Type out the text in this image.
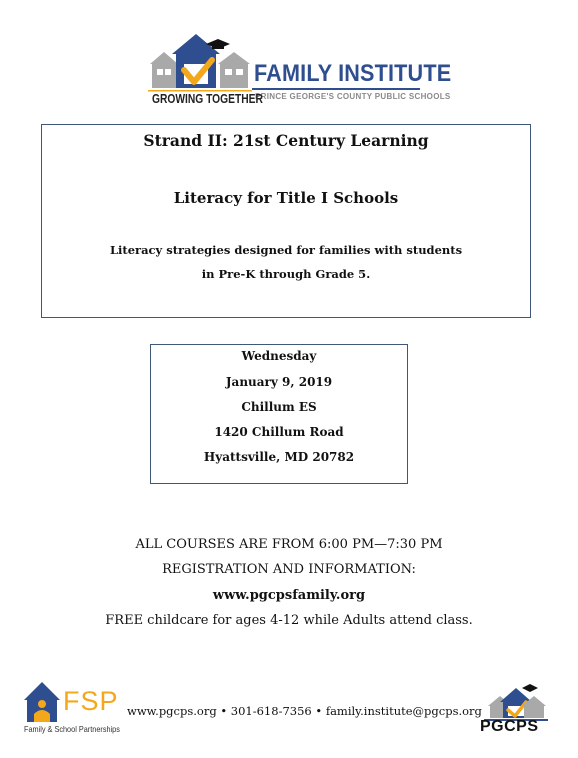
FAMILY INSTITUTE
PRINCE GEORGE'S COUNTY PUBLIC SCHOOLS
GROWING TOGETHER
Strand II: 21st Century Learning
Literacy for Title I Schools
Literacy strategies designed for families with students
in Pre-K through Grade 5.
Wednesday
January 9, 2019
Chillum ES
1420 Chillum Road
Hyattsville, MD 20782
ALL COURSES ARE FROM 6:00 PM—7:30 PM
REGISTRATION AND INFORMATION:
www.pgcpsfamily.org
FREE childcare for ages 4-12 while Adults attend class.
FSP
Family & School Partnerships
www.pgcps.org • 301-618-7356 • family.institute@pgcps.org
PGCPS
